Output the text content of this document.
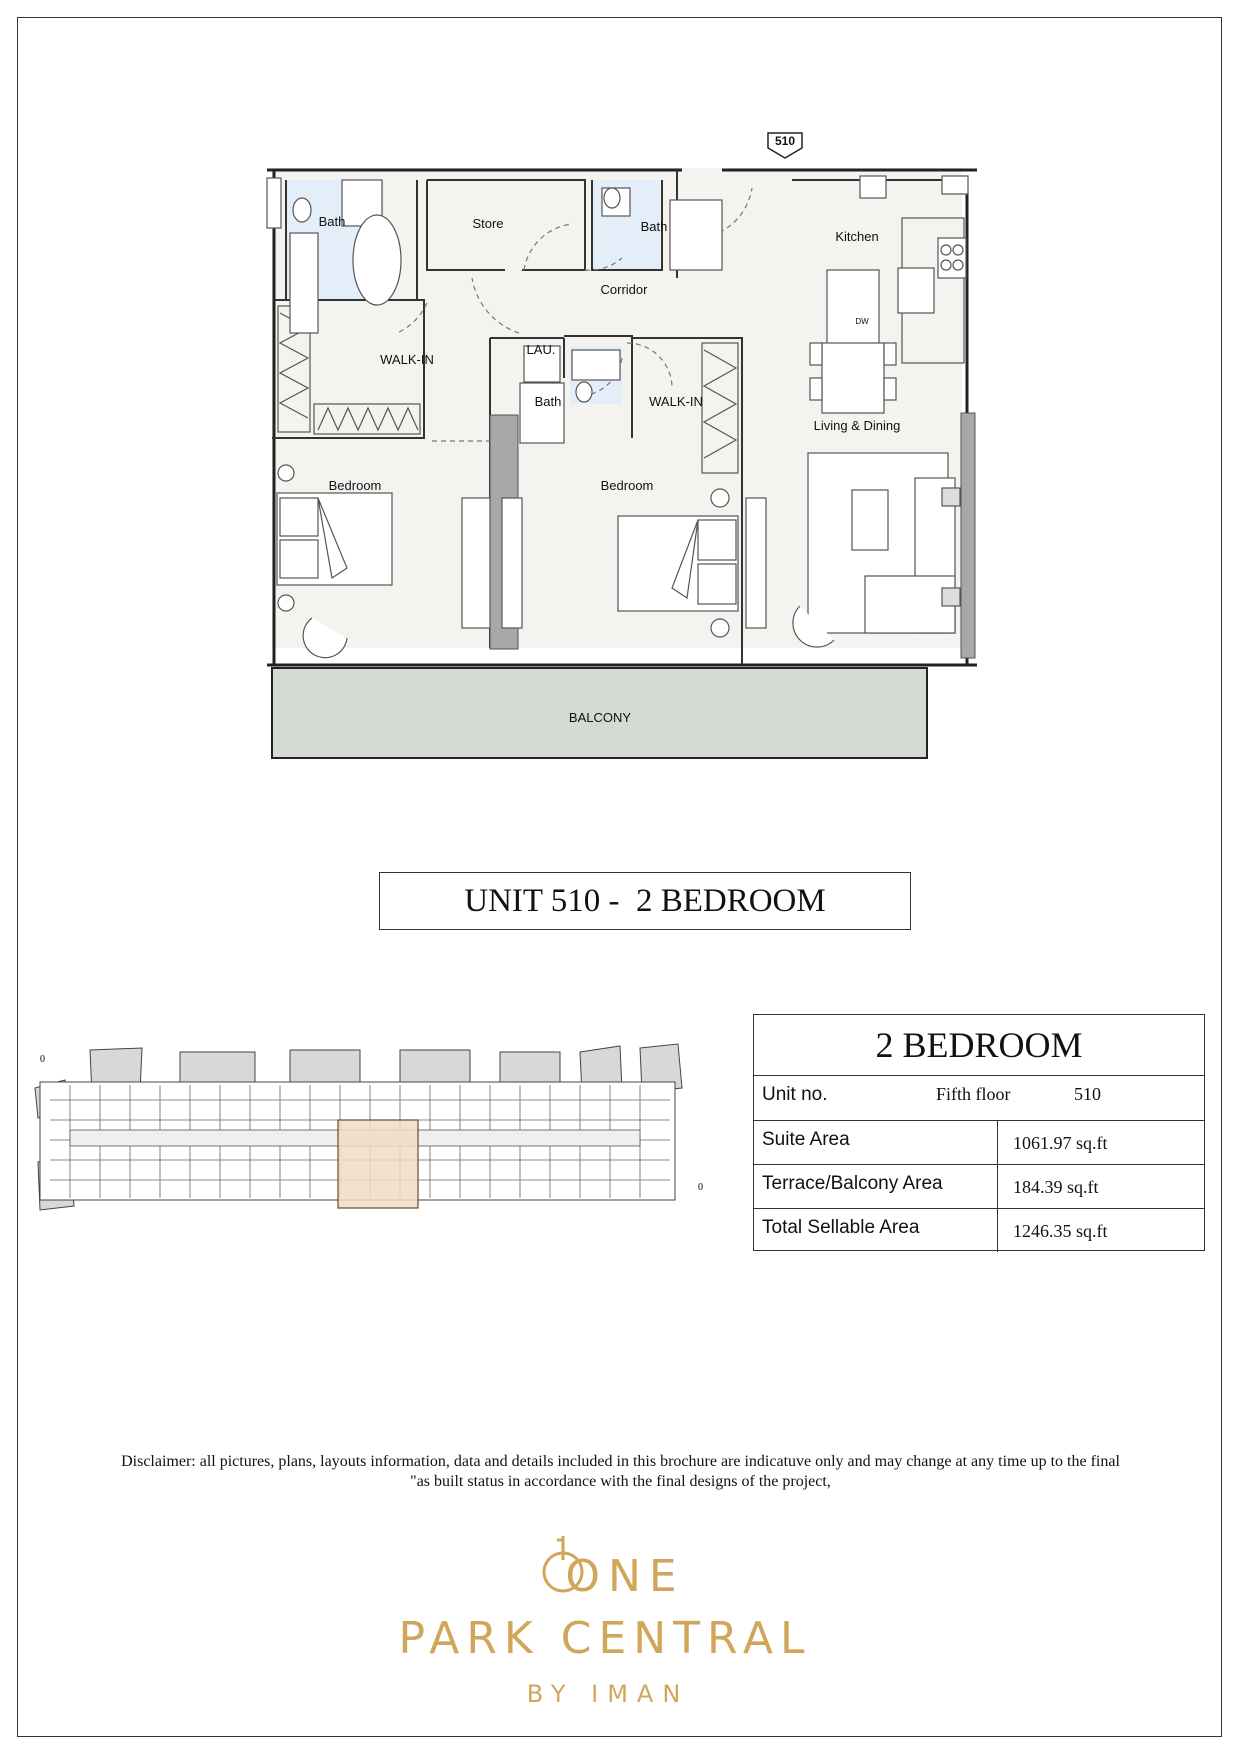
510
Bath	Store	Bath
Kitchen
Corridor
LAU.
WALK-IN
Bath	WALK-IN
Living & Dining
Bedroom	Bedroom
BALCONY
DW
UNIT 510 -  2 BEDROOM
0
0
2 BEDROOM
Unit no.	Fifth floor	510
Suite Area	1061.97 sq.ft
Terrace/Balcony Area	184.39 sq.ft
Total Sellable Area	1246.35 sq.ft
Disclaimer: all pictures, plans, layouts information, data and details included in this brochure are indicatuve only and may change at any time up to the final
"as built status in accordance with the final designs of the project,
ONE
PARK CENTRAL
BY IMAN
